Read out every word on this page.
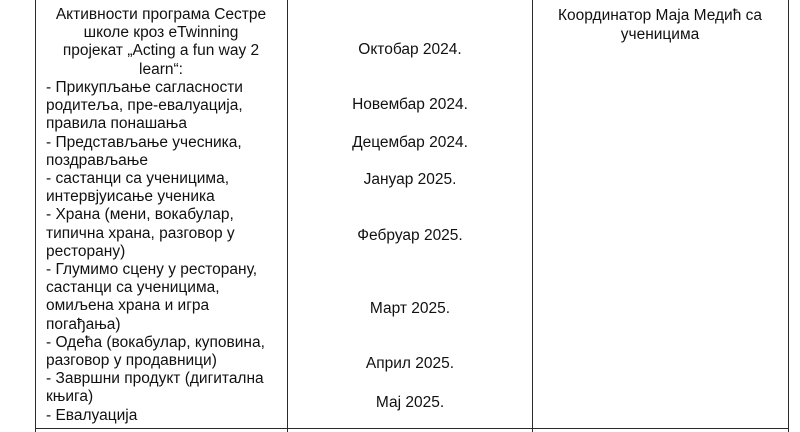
Активности програма Сестре
школе кроз eTwinning
пројекат „Acting a fun way 2
learn“:
- Прикупљање сагласности
родитеља, пре-евалуација,
правила понашања
- Представљање учесника,
поздрављање
- састанци са ученицима,
интервјуисање ученика
- Храна (мени, вокабулар,
типична храна, разговор у
ресторану)
- Глумимо сцену у ресторану,
састанци са ученицима,
омиљена храна и игра
погађања)
- Одећа (вокабулар, куповина,
разговор у продавници)
- Завршни продукт (дигитална
књига)
- Евалуација
Октобар 2024.
Новембар 2024.
Децембар 2024.
Јануар 2025.
Фебруар 2025.
Март 2025.
Април 2025.
Мај 2025.
Координатор Маја Медић са
ученицима
